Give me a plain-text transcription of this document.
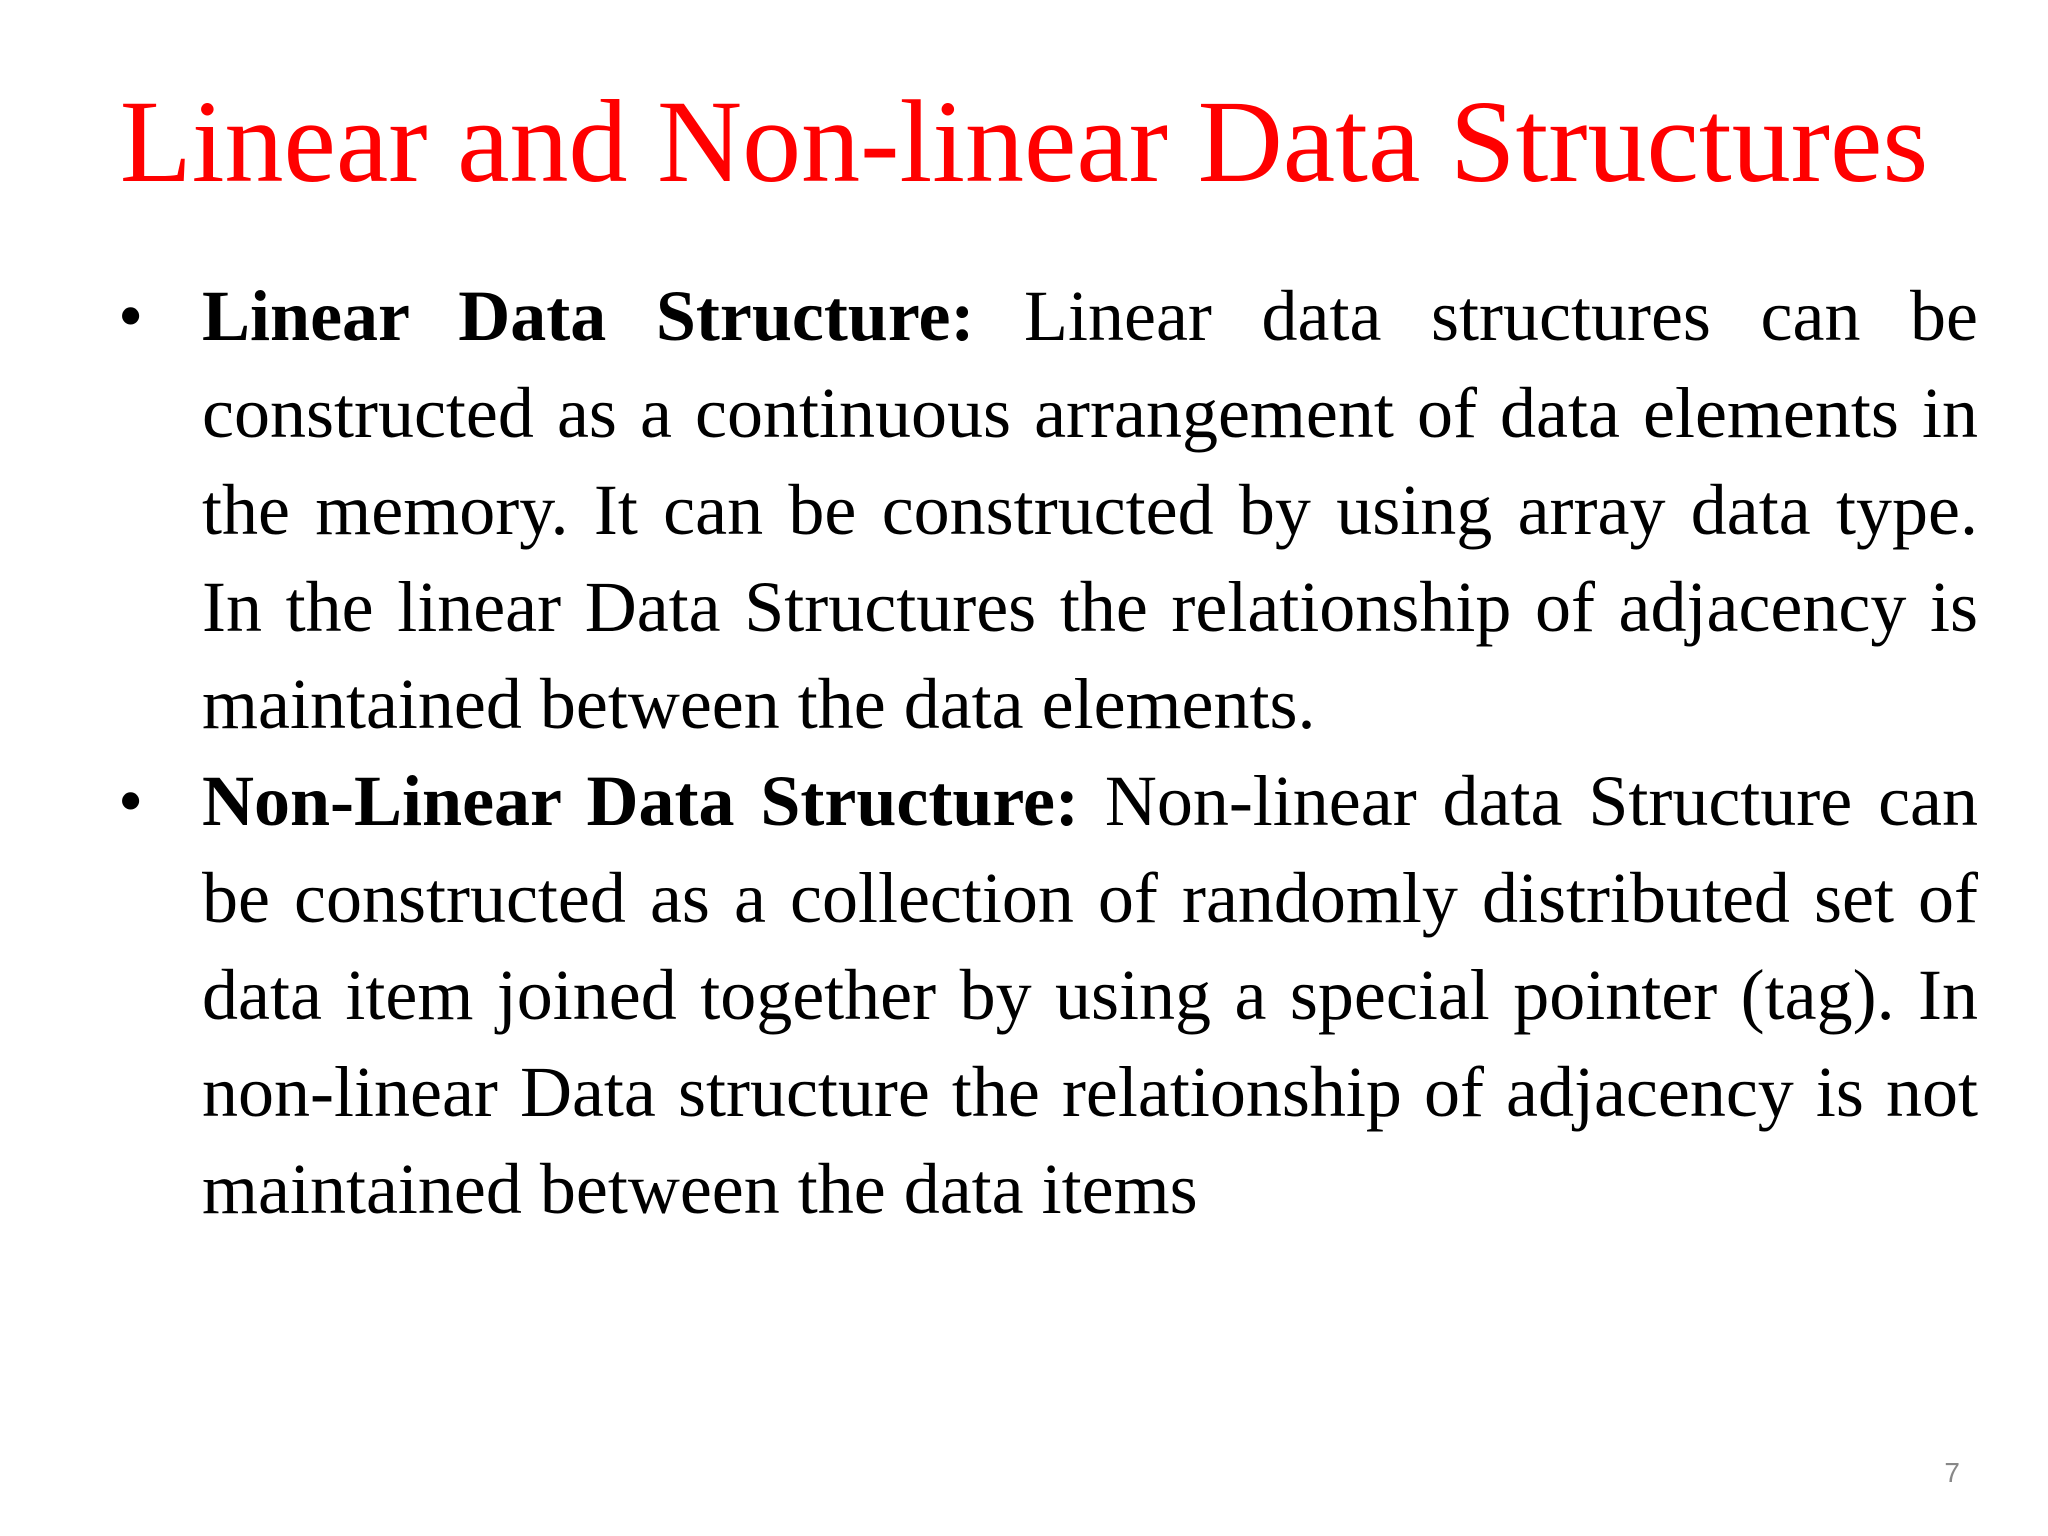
Linear and Non-linear Data Structures
• Linear Data Structure: Linear data structures can be constructed as a continuous arrangement of data elements in the memory. It can be constructed by using array data type. In the linear Data Structures the relationship of adjacency is maintained between the data elements.
• Non-Linear Data Structure: Non-linear data Structure can be constructed as a collection of randomly distributed set of data item joined together by using a special pointer (tag). In non-linear Data structure the relationship of adjacency is not maintained between the data items
7
